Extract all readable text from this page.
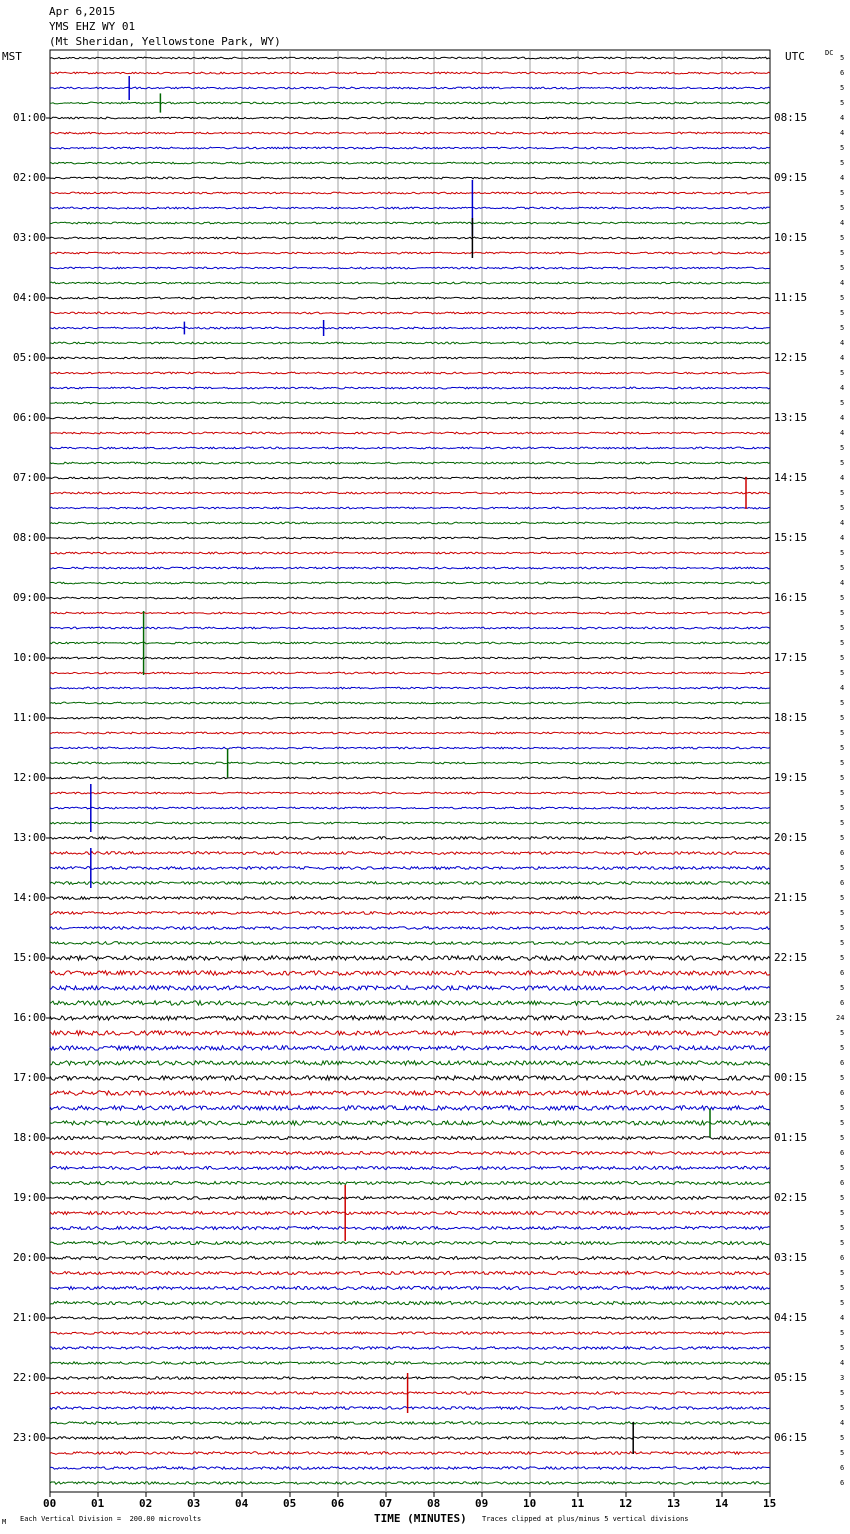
Apr 6,2015
YMS EHZ WY 01
(Mt Sheridan, Yellowstone Park, WY)
MST	UTC	DC
01:00
02:00
03:00
04:00
05:00
06:00
07:00
08:00
09:00
10:00
11:00
12:00
13:00
14:00
15:00
16:00
17:00
18:00
19:00
20:00
21:00
22:00
23:00
08:15
09:15
10:15
11:15
12:15
13:15
14:15
15:15
16:15
17:15
18:15
19:15
20:15
21:15
22:15
23:15
00:15
01:15
02:15
03:15
04:15
05:15
06:15
5
6
5
5
4
4
5
5
4
5
5
4
5
5
5
4
5
5
5
4
4
5
4
5
4
4
5
5
4
5
5
4
4
5
5
4
5
5
5
5
5
5
4
5
5
5
5
5
5
5
5
5
5
6
5
6
5
5
5
5
5
6
5
6
24
5
5
6
5
6
5
5
5
6
5
6
5
5
5
5
6
5
5
5
4
5
5
4
3
5
5
4
5
5
6
6
00	01	02	03	04	05	06	07	08	09	10	11	12	13	14	15
TIME (MINUTES)
Each Vertical Division =  200.00 microvolts	Traces clipped at plus/minus 5 vertical divisions
M
